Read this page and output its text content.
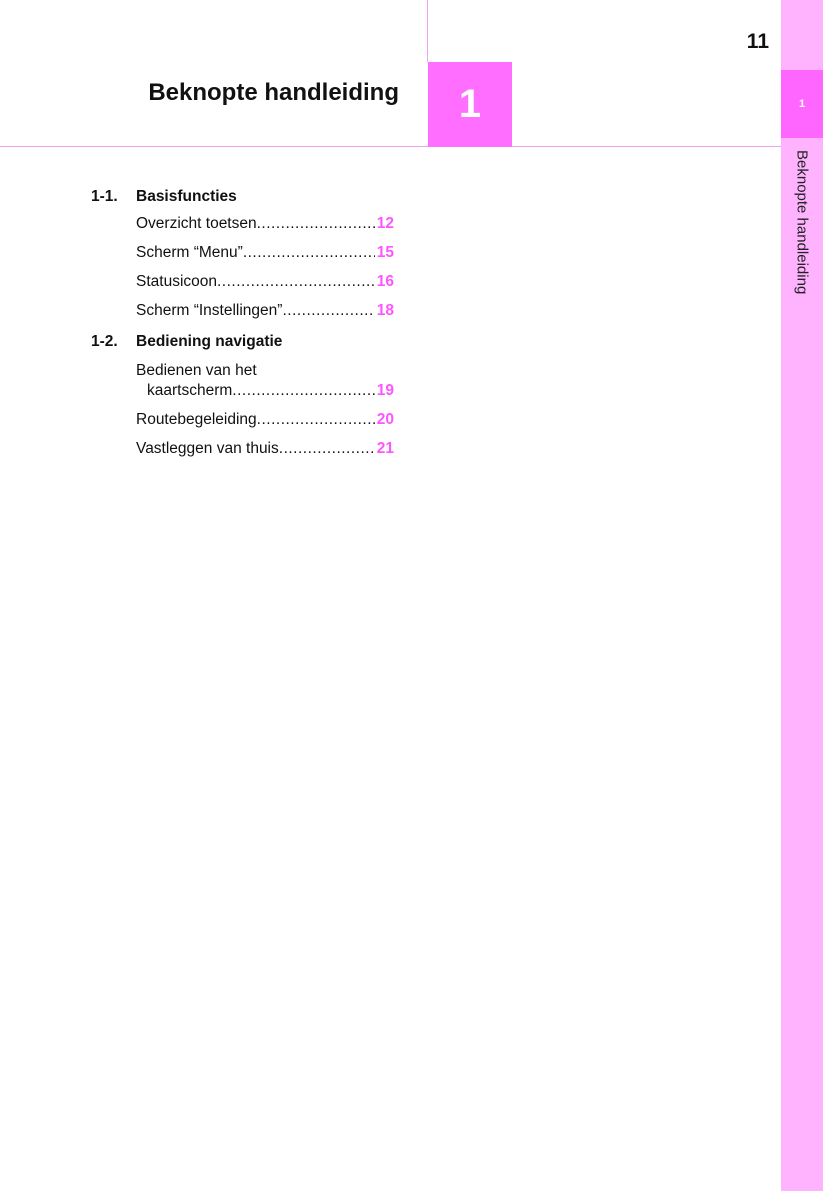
1
Beknopte handleiding
11
1
Beknopte handleiding
1-1.	Basisfuncties
Overzicht toetsen .....	12
Scherm “Menu” .....	15
Statusicoon .....	16
Scherm “Instellingen” .....	18
1-2.	Bediening navigatie
Bedienen van het
kaartscherm .....	19
Routebegeleiding .....	20
Vastleggen van thuis .....	21
